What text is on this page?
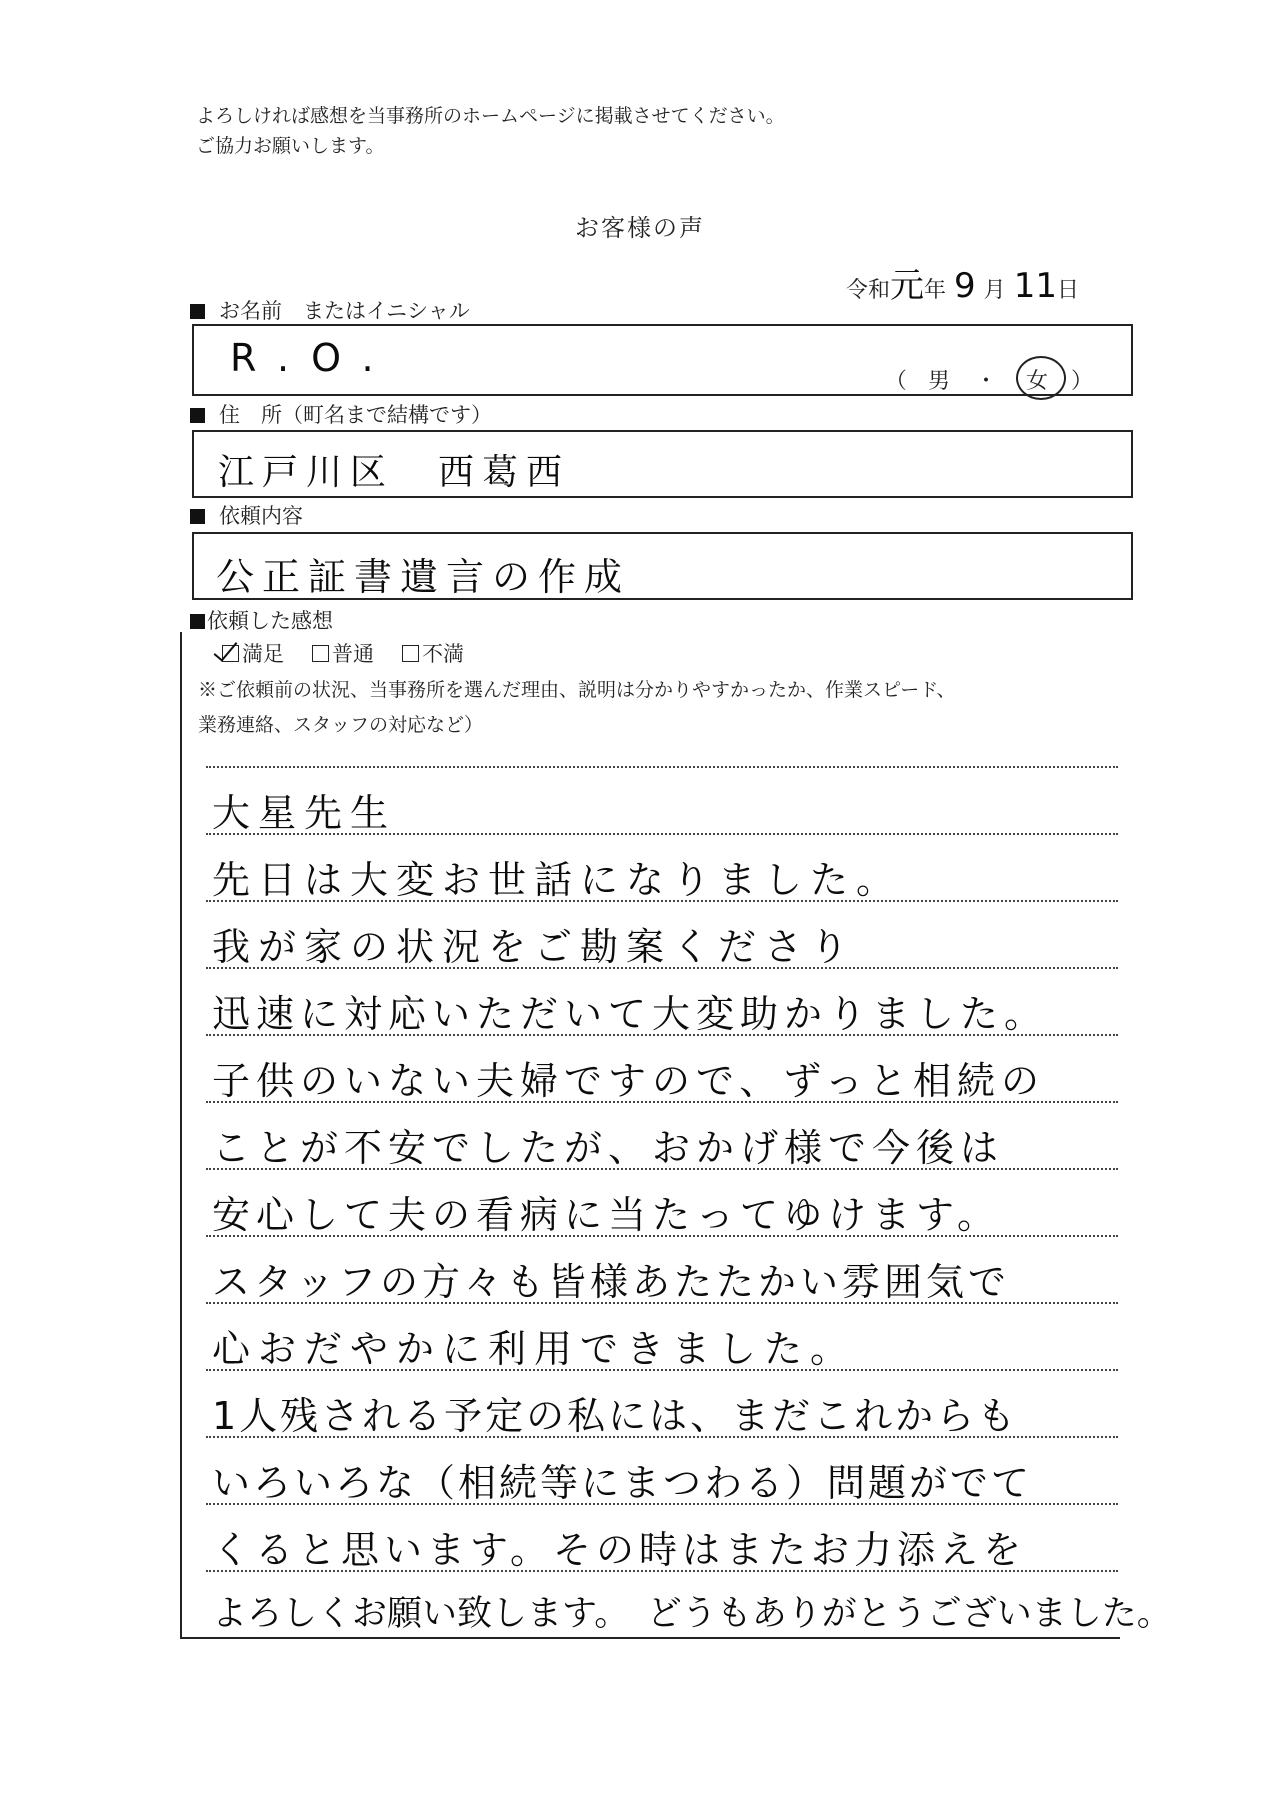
よろしければ感想を当事務所のホームページに掲載させてください。
ご協力お願いします。
お客様の声
令和元年 9 月 11日
お名前　またはイニシャル
R.O.
（ 男 ・ 女 ）
住　所（町名まで結構です）
江戸川区　西葛西
依頼内容
公正証書遺言の作成
依頼した感想
満足 普通 不満
※ご依頼前の状況、当事務所を選んだ理由、説明は分かりやすかったか、作業スピード、
業務連絡、スタッフの対応など）
大星先生
先日は大変お世話になりました。
我が家の状況をご勘案くださり
迅速に対応いただいて大変助かりました。
子供のいない夫婦ですので、ずっと相続の
ことが不安でしたが、おかげ様で今後は
安心して夫の看病に当たってゆけます。
スタッフの方々も皆様あたたかい雰囲気で
心おだやかに利用できました。
1人残される予定の私には、まだこれからも
いろいろな（相続等にまつわる）問題がでて
くると思います。その時はまたお力添えを
よろしくお願い致します。　どうもありがとうございました。
